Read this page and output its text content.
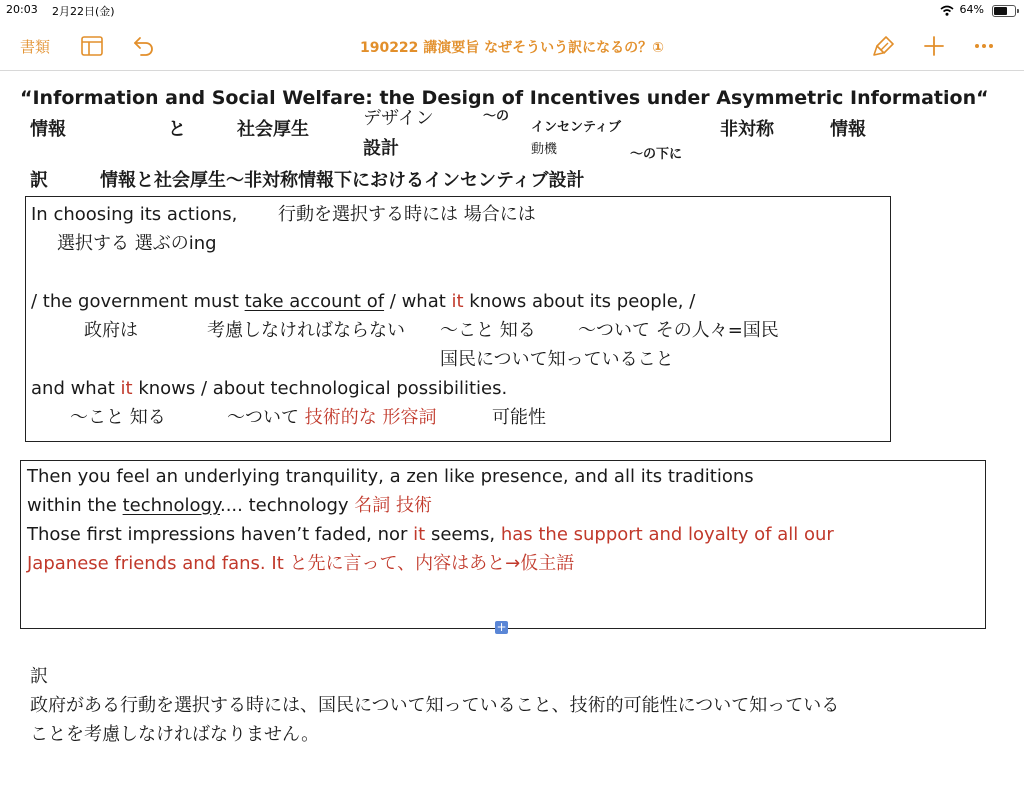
20:03 2月22日(金)	64%
書類	190222 講演要旨 なぜそういう訳になるの？①
“Information and Social Welfare: the Design of Incentives under Asymmetric Information“
情報	と	社会厚生
デザイン
設計
〜の
インセンティブ
動機	〜の下に
非対称	情報
訳	情報と社会厚生〜非対称情報下におけるインセンティブ設計
In choosing its actions, 行動を選択する時には 場合には
選択する 選ぶのing
/ the government must take account of / what it knows about its people, /
政府は	考慮しなければならない 〜こと 知る 〜ついて その人々=国民
国民について知っていること
and what it knows / about technological possibilities.
〜こと 知る	〜ついて 技術的な 形容詞	可能性
Then you feel an underlying tranquility, a zen like presence, and all its traditions
within the technology.... technology 名詞 技術
Those first impressions haven’t faded, nor it seems, has the support and loyalty of all our
Japanese friends and fans. It と先に言って、内容はあと→仮主語
+
訳
政府がある行動を選択する時には、国民について知っていること、技術的可能性について知っている
ことを考慮しなければなりません。
